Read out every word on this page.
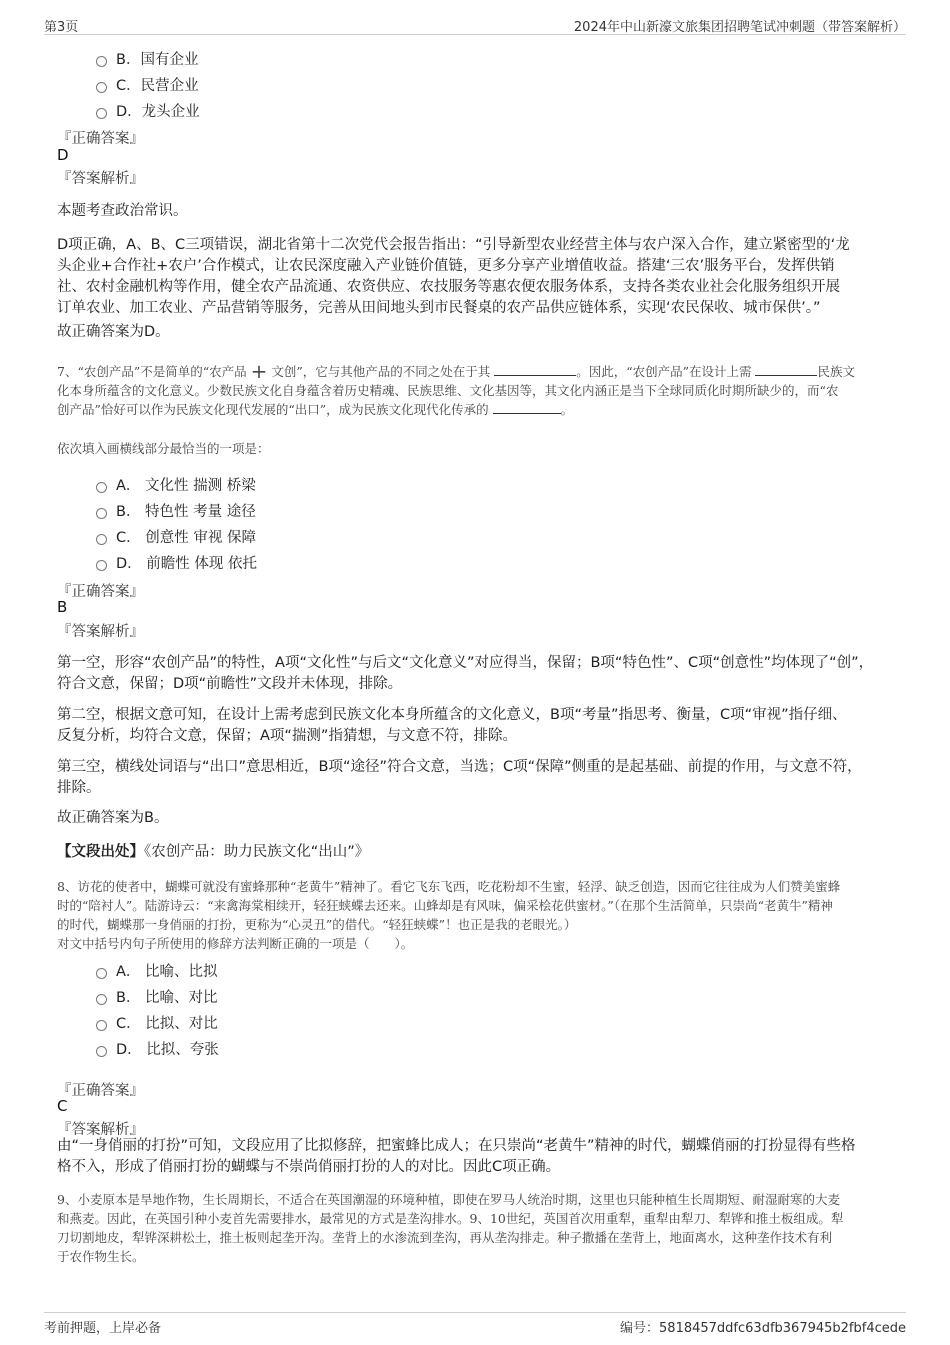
第3页	2024年中山新濠文旅集团招聘笔试冲刺题（带答案解析）
B．国有企业
C．民营企业
D．龙头企业
『正确答案』
D
『答案解析』
本题考查政治常识。
D项正确，A、B、C三项错误，湖北省第十二次党代会报告指出：“引导新型农业经营主体与农户深入合作，建立紧密型的‘龙
头企业+合作社+农户’合作模式，让农民深度融入产业链价值链，更多分享产业增值收益。搭建‘三农’服务平台，发挥供销
社、农村金融机构等作用，健全农产品流通、农资供应、农技服务等惠农便农服务体系，支持各类农业社会化服务组织开展
订单农业、加工农业、产品营销等服务，完善从田间地头到市民餐桌的农产品供应链体系，实现‘农民保收、城市保供’。”
故正确答案为D。
7、“农创产品”不是简单的“农产品 + 文创”，它与其他产品的不同之处在于其	。因此，“农创产品”在设计上需	民族文
化本身所蕴含的文化意义。少数民族文化自身蕴含着历史精魂、民族思维、文化基因等，其文化内涵正是当下全球同质化时期所缺少的，而“农
创产品”恰好可以作为民族文化现代发展的“出口”，成为民族文化现代化传承的	。
依次填入画横线部分最恰当的一项是：
A． 文化性 揣测 桥梁
B． 特色性 考量 途径
C． 创意性 审视 保障
D． 前瞻性 体现 依托
『正确答案』
B
『答案解析』
第一空，形容“农创产品”的特性，A项“文化性”与后文“文化意义”对应得当，保留；B项“特色性”、C项“创意性”均体现了“创”，
符合文意，保留；D项“前瞻性”文段并未体现，排除。
第二空，根据文意可知，在设计上需考虑到民族文化本身所蕴含的文化意义，B项“考量”指思考、衡量，C项“审视”指仔细、
反复分析，均符合文意，保留；A项“揣测”指猜想，与文意不符，排除。
第三空，横线处词语与“出口”意思相近，B项“途径”符合文意，当选；C项“保障”侧重的是起基础、前提的作用，与文意不符，
排除。
故正确答案为B。
【文段出处】《农创产品：助力民族文化“出山”》
8、访花的使者中，蝴蝶可就没有蜜蜂那种“老黄牛”精神了。看它飞东飞西，吃花粉却不生蜜，轻浮、缺乏创造，因而它往往成为人们赞美蜜蜂
时的“陪衬人”。陆游诗云：“来禽海棠相续开，轻狂蛱蝶去还来。山蜂却是有风味，偏采桧花供蜜材。”（在那个生活简单，只崇尚“老黄牛”精神
的时代，蝴蝶那一身俏丽的打扮，更称为“心灵丑”的借代。“轻狂蛱蝶”！也正是我的老眼光。）
对文中括号内句子所使用的修辞方法判断正确的一项是（　　）。
A． 比喻、比拟
B． 比喻、对比
C． 比拟、对比
D． 比拟、夸张
『正确答案』
C
『答案解析』
由“一身俏丽的打扮”可知，文段应用了比拟修辞，把蜜蜂比成人；在只崇尚“老黄牛”精神的时代，蝴蝶俏丽的打扮显得有些格
格不入，形成了俏丽打扮的蝴蝶与不崇尚俏丽打扮的人的对比。因此C项正确。
9、小麦原本是旱地作物，生长周期长，不适合在英国潮湿的环境种植，即使在罗马人统治时期，这里也只能种植生长周期短、耐湿耐寒的大麦
和燕麦。因此，在英国引种小麦首先需要排水，最常见的方式是垄沟排水。9、10世纪，英国首次用重犁，重犁由犁刀、犁铧和推土板组成。犁
刀切割地皮，犁铧深耕松土，推土板则起垄开沟。垄背上的水渗流到垄沟，再从垄沟排走。种子撒播在垄背上，地面离水，这种垄作技术有利
于农作物生长。
考前押题，上岸必备	编号：5818457ddfc63dfb367945b2fbf4cede
